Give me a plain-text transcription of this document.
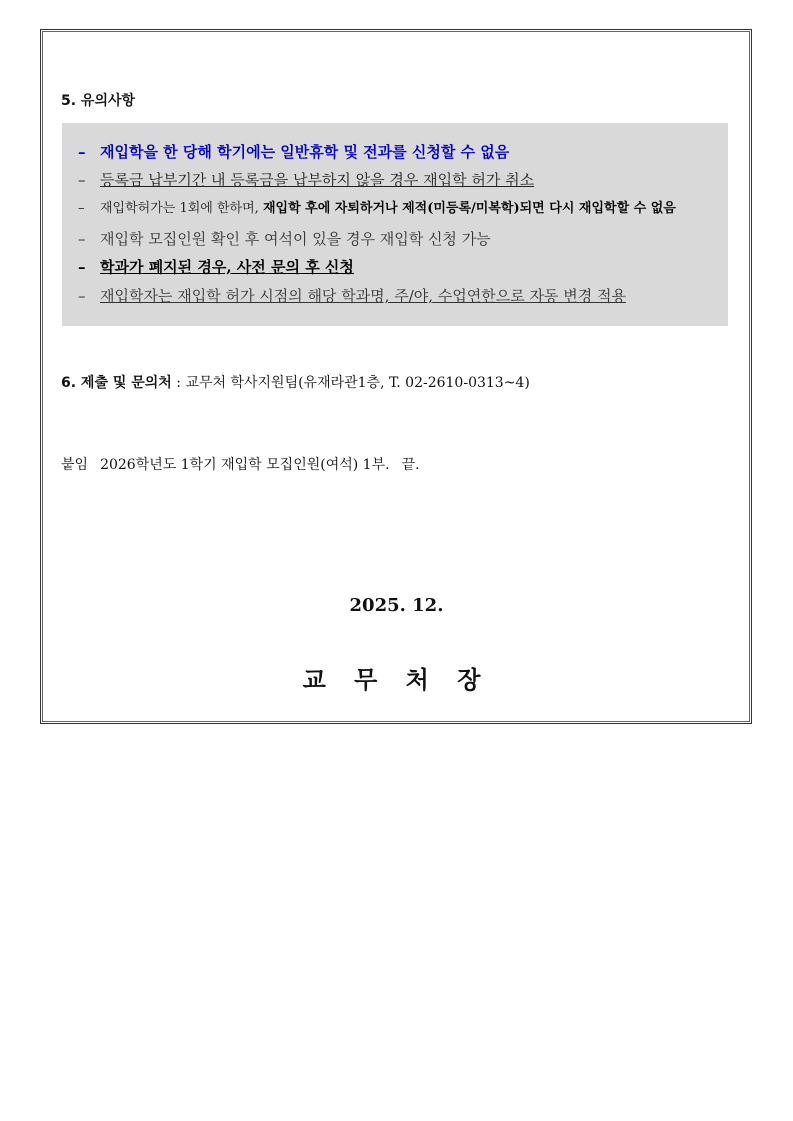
5. 유의사항
– 재입학을 한 당해 학기에는 일반휴학 및 전과를 신청할 수 없음
– 등록금 납부기간 내 등록금을 납부하지 않을 경우 재입학 허가 취소
– 재입학허가는 1회에 한하며, 재입학 후에 자퇴하거나 제적(미등록/미복학)되면 다시 재입학할 수 없음
– 재입학 모집인원 확인 후 여석이 있을 경우 재입학 신청 가능
– 학과가 폐지된 경우, 사전 문의 후 신청
– 재입학자는 재입학 허가 시점의 해당 학과명, 주/야, 수업연한으로 자동 변경 적용
6. 제출 및 문의처 : 교무처 학사지원팀(유재라관1층, T. 02-2610-0313~4)
붙임 2026학년도 1학기 재입학 모집인원(여석) 1부. 끝.
2025. 12.
교 무 처 장
